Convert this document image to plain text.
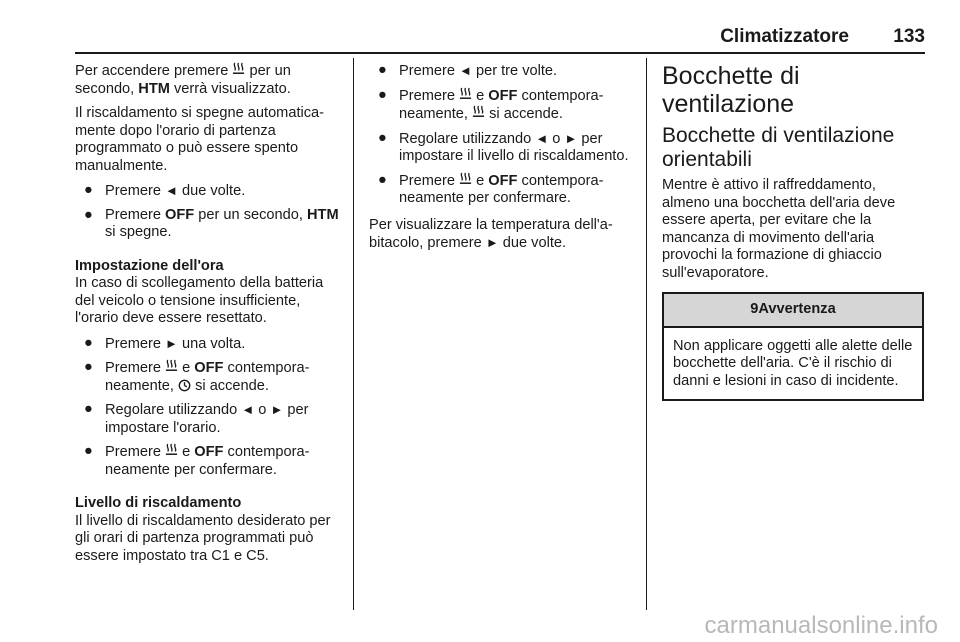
Climatizzatore 133

Per accendere premere per un secondo, HTM verrà visualizzato.

Il riscaldamento si spegne automaticamente dopo l'orario di partenza programmato o può essere spento manualmente.

● Premere ◄ due volte.
● Premere OFF per un secondo, HTM si spegne.

Impostazione dell'ora

In caso di scollegamento della batteria del veicolo o tensione insufficiente, l'orario deve essere resettato.

● Premere ► una volta.
● Premere e OFF contemporaneamente, si accende.
● Regolare utilizzando ◄ o ► per impostare l'orario.
● Premere e OFF contemporaneamente per confermare.

Livello di riscaldamento

Il livello di riscaldamento desiderato per gli orari di partenza programmati può essere impostato tra C1 e C5.

● Premere ◄ per tre volte.
● Premere e OFF contemporaneamente, si accende.
● Regolare utilizzando ◄ o ► per impostare il livello di riscaldamento.
● Premere e OFF contemporaneamente per confermare.

Per visualizzare la temperatura dell'abitacolo, premere ► due volte.

Bocchette di ventilazione
Bocchette di ventilazione orientabili

Mentre è attivo il raffreddamento, almeno una bocchetta dell'aria deve essere aperta, per evitare che la mancanza di movimento dell'aria provochi la formazione di ghiaccio sull'evaporatore.

9Avvertenza
Non applicare oggetti alle alette delle bocchette dell'aria. C'è il rischio di danni e lesioni in caso di incidente.
carmanualsonline.info
